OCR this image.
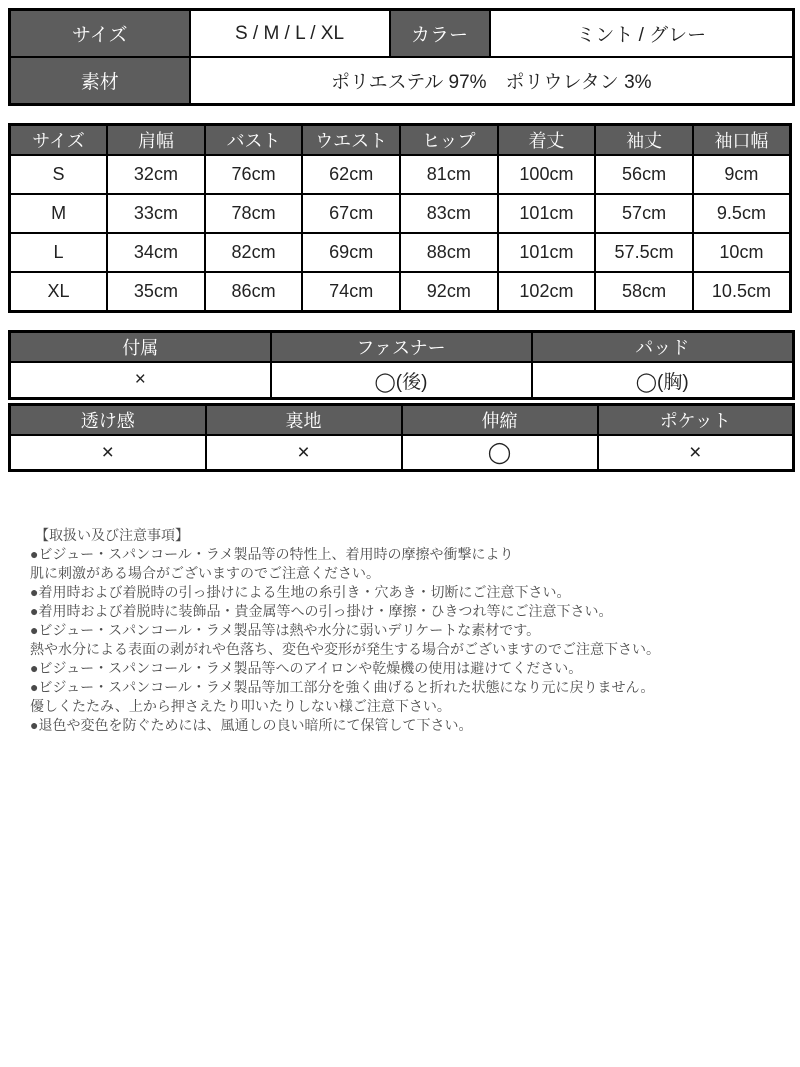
サイズ	S / M / L / XL	カラー	ミント / グレー
素材	ポリエステル 97%　ポリウレタン 3%		
サイズ	肩幅	バスト	ウエスト	ヒップ	着丈	袖丈	袖口幅
S	32cm	76cm	62cm	81cm	100cm	56cm	9cm
M	33cm	78cm	67cm	83cm	101cm	57cm	9.5cm
L	34cm	82cm	69cm	88cm	101cm	57.5cm	10cm
XL	35cm	86cm	74cm	92cm	102cm	58cm	10.5cm
付属	ファスナー	パッド
×	◯(後)	◯(胸)
透け感	裏地	伸縮	ポケット
×	×	◯	×
【取扱い及び注意事項】
●ビジュー・スパンコール・ラメ製品等の特性上、着用時の摩擦や衝撃により
肌に刺激がある場合がございますのでご注意ください。
●着用時および着脱時の引っ掛けによる生地の糸引き・穴あき・切断にご注意下さい。
●着用時および着脱時に装飾品・貴金属等への引っ掛け・摩擦・ひきつれ等にご注意下さい。
●ビジュー・スパンコール・ラメ製品等は熱や水分に弱いデリケートな素材です。
熱や水分による表面の剥がれや色落ち、変色や変形が発生する場合がございますのでご注意下さい。
●ビジュー・スパンコール・ラメ製品等へのアイロンや乾燥機の使用は避けてください。
●ビジュー・スパンコール・ラメ製品等加工部分を強く曲げると折れた状態になり元に戻りません。
優しくたたみ、上から押さえたり叩いたりしない様ご注意下さい。
●退色や変色を防ぐためには、風通しの良い暗所にて保管して下さい。
